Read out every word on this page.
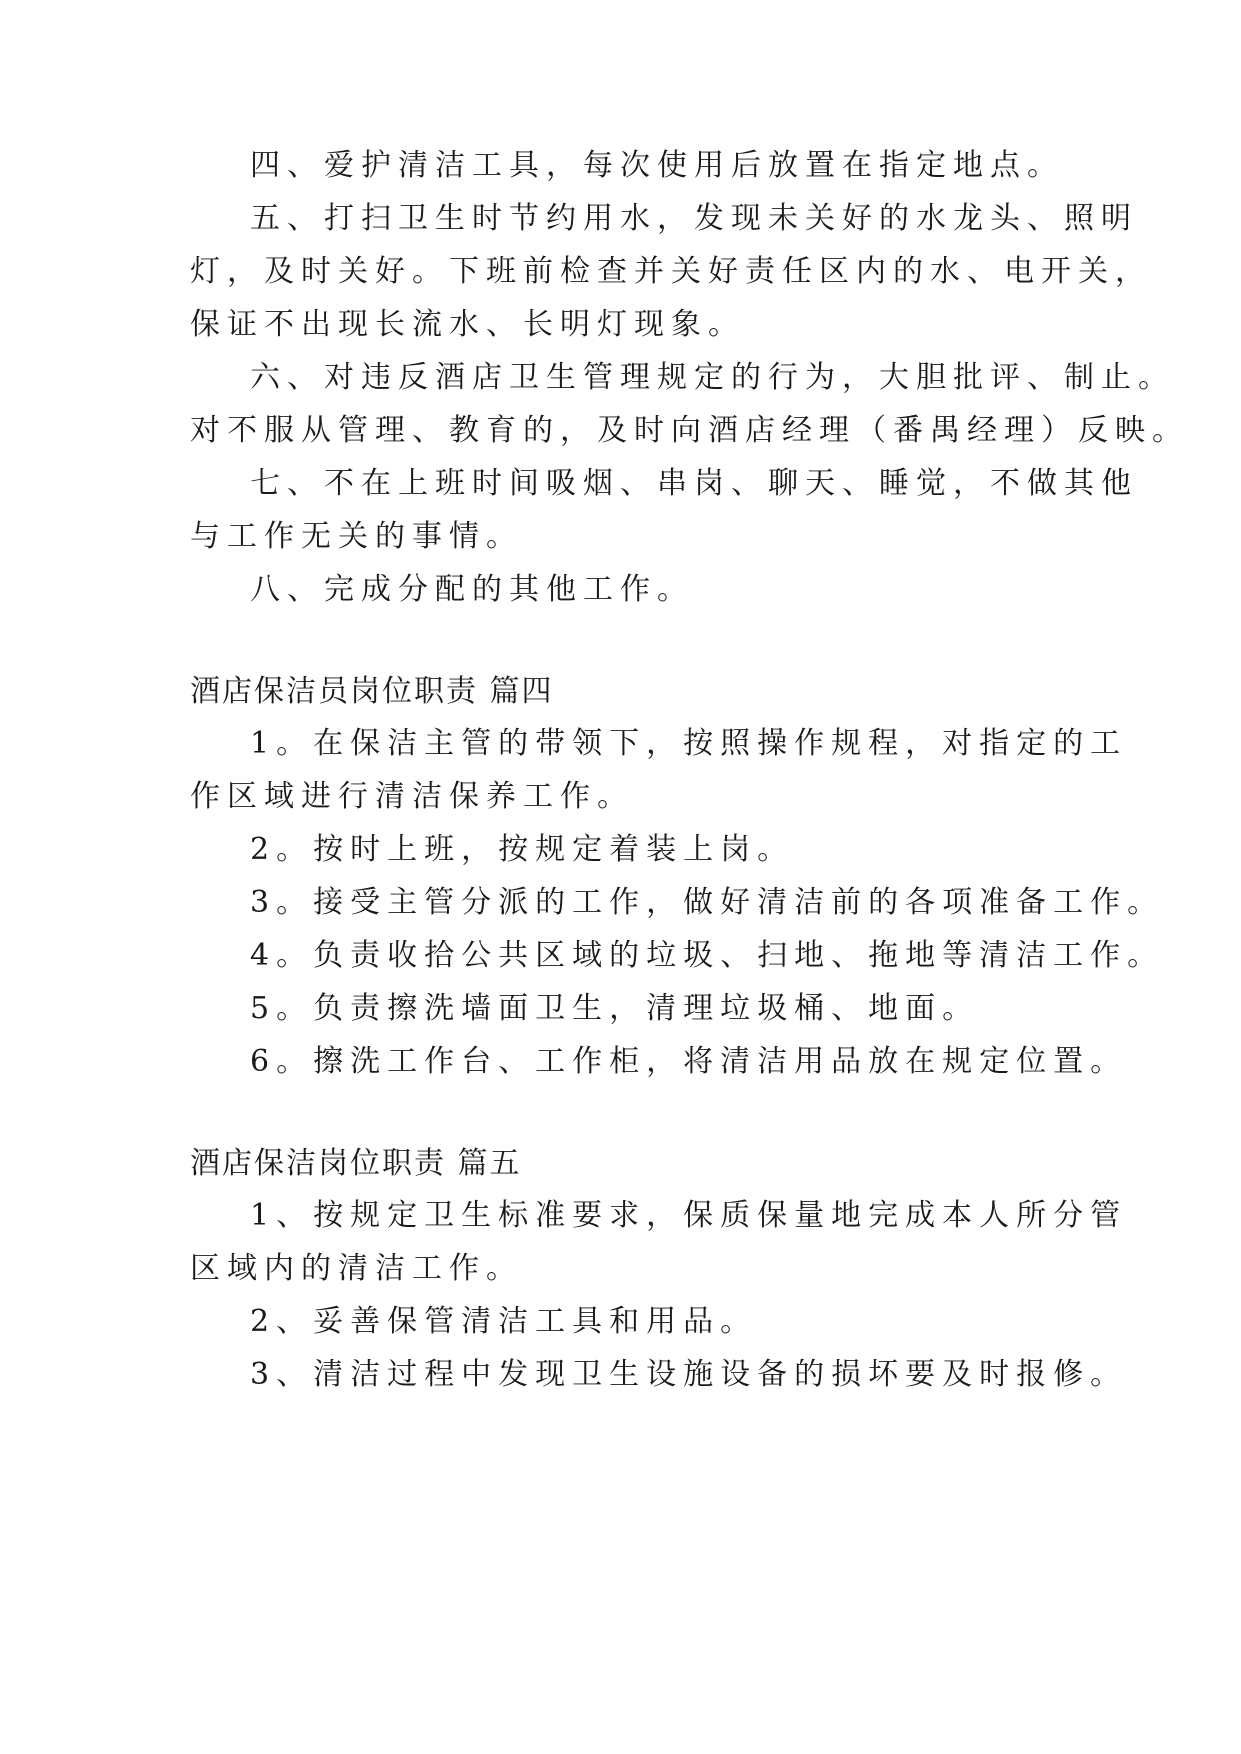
四、爱护清洁工具，每次使用后放置在指定地点。
五、打扫卫生时节约用水，发现未关好的水龙头、照明
灯，及时关好。下班前检查并关好责任区内的水、电开关，
保证不出现长流水、长明灯现象。
六、对违反酒店卫生管理规定的行为，大胆批评、制止。
对不服从管理、教育的，及时向酒店经理（番禺经理）反映。
七、不在上班时间吸烟、串岗、聊天、睡觉，不做其他
与工作无关的事情。
八、完成分配的其他工作。
酒店保洁员岗位职责 篇四
1。在保洁主管的带领下，按照操作规程，对指定的工
作区域进行清洁保养工作。
2。按时上班，按规定着装上岗。
3。接受主管分派的工作，做好清洁前的各项准备工作。
4。负责收拾公共区域的垃圾、扫地、拖地等清洁工作。
5。负责擦洗墙面卫生，清理垃圾桶、地面。
6。擦洗工作台、工作柜，将清洁用品放在规定位置。
酒店保洁岗位职责 篇五
1、按规定卫生标准要求，保质保量地完成本人所分管
区域内的清洁工作。
2、妥善保管清洁工具和用品。
3、清洁过程中发现卫生设施设备的损坏要及时报修。
